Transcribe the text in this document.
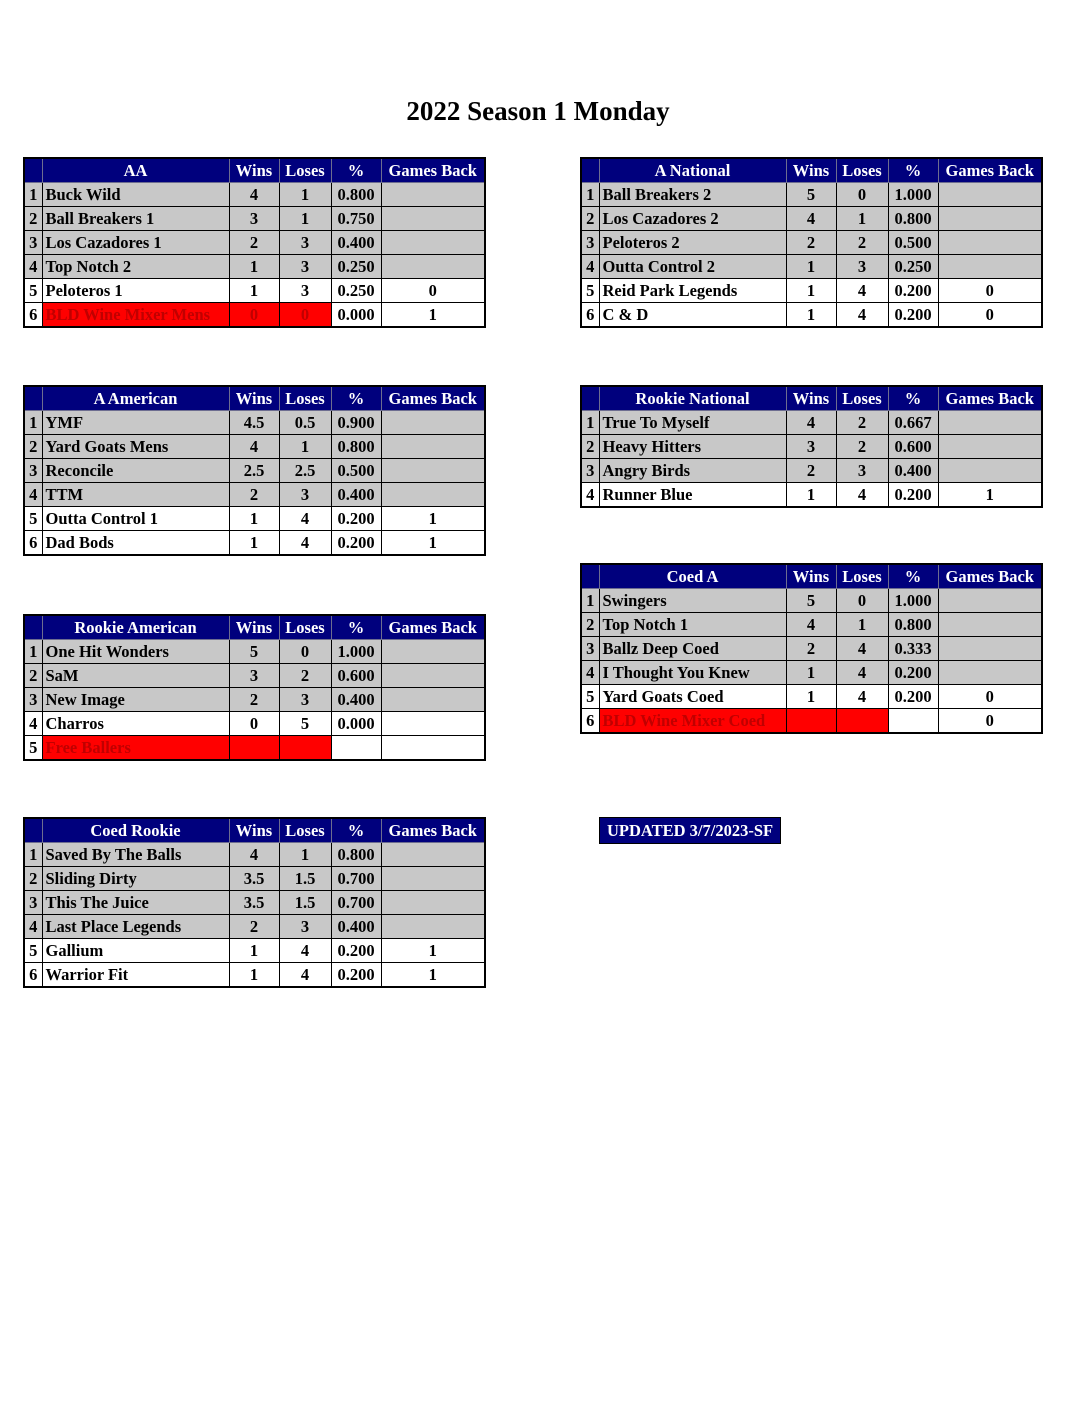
2022 Season 1 Monday
	AA	Wins	Loses	%	Games Back
1	Buck Wild	4	1	0.800	
2	Ball Breakers 1	3	1	0.750	
3	Los Cazadores 1	2	3	0.400	
4	Top Notch 2	1	3	0.250	
5	Peloteros 1	1	3	0.250	0
6	BLD Wine Mixer Mens	0	0	0.000	1
	A National	Wins	Loses	%	Games Back
1	Ball Breakers 2	5	0	1.000	
2	Los Cazadores 2	4	1	0.800	
3	Peloteros 2	2	2	0.500	
4	Outta Control 2	1	3	0.250	
5	Reid Park Legends	1	4	0.200	0
6	C & D	1	4	0.200	0
	A American	Wins	Loses	%	Games Back
1	YMF	4.5	0.5	0.900	
2	Yard Goats Mens	4	1	0.800	
3	Reconcile	2.5	2.5	0.500	
4	TTM	2	3	0.400	
5	Outta Control 1	1	4	0.200	1
6	Dad Bods	1	4	0.200	1
	Rookie National	Wins	Loses	%	Games Back
1	True To Myself	4	2	0.667	
2	Heavy Hitters	3	2	0.600	
3	Angry Birds	2	3	0.400	
4	Runner Blue	1	4	0.200	1
	Coed A	Wins	Loses	%	Games Back
1	Swingers	5	0	1.000	
2	Top Notch 1	4	1	0.800	
3	Ballz Deep Coed	2	4	0.333	
4	I Thought You Knew	1	4	0.200	
5	Yard Goats Coed	1	4	0.200	0
6	BLD Wine Mixer Coed				0
	Rookie American	Wins	Loses	%	Games Back
1	One Hit Wonders	5	0	1.000	
2	SaM	3	2	0.600	
3	New Image	2	3	0.400	
4	Charros	0	5	0.000	
5	Free Ballers				
	Coed Rookie	Wins	Loses	%	Games Back
1	Saved By The Balls	4	1	0.800	
2	Sliding Dirty	3.5	1.5	0.700	
3	This The Juice	3.5	1.5	0.700	
4	Last Place Legends	2	3	0.400	
5	Gallium	1	4	0.200	1
6	Warrior Fit	1	4	0.200	1
UPDATED 3/7/2023-SF
